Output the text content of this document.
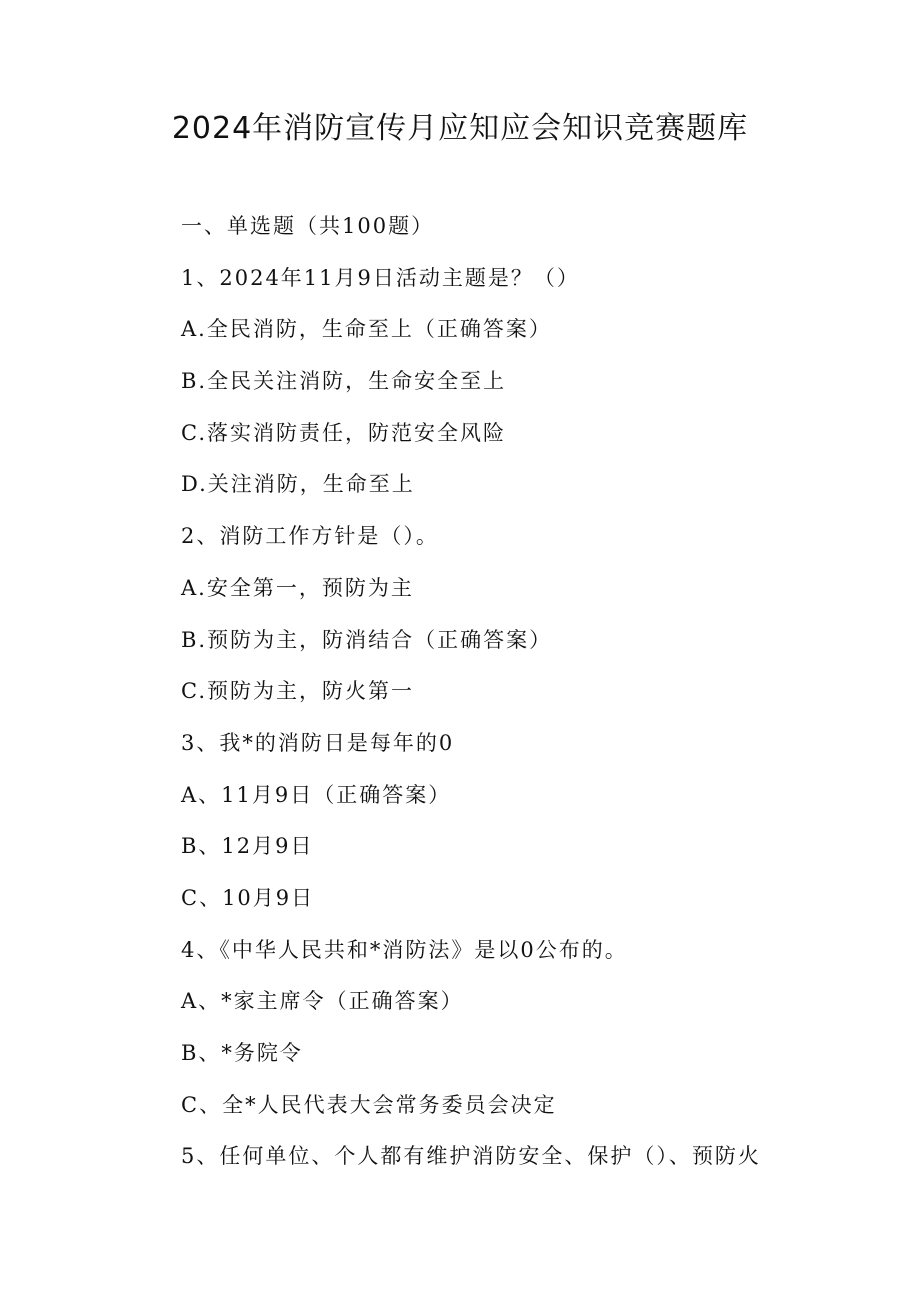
2024年消防宣传月应知应会知识竞赛题库
一、单选题（共100题）
1、2024年11月9日活动主题是？（）
A.全民消防，生命至上（正确答案）
B.全民关注消防，生命安全至上
C.落实消防责任，防范安全风险
D.关注消防，生命至上
2、消防工作方针是（）。
A.安全第一，预防为主
B.预防为主，防消结合（正确答案）
C.预防为主，防火第一
3、我*的消防日是每年的0
A、11月9日（正确答案）
B、12月9日
C、10月9日
4、《中华人民共和*消防法》是以0公布的。
A、*家主席令（正确答案）
B、*务院令
C、全*人民代表大会常务委员会决定
5、任何单位、个人都有维护消防安全、保护（）、预防火
